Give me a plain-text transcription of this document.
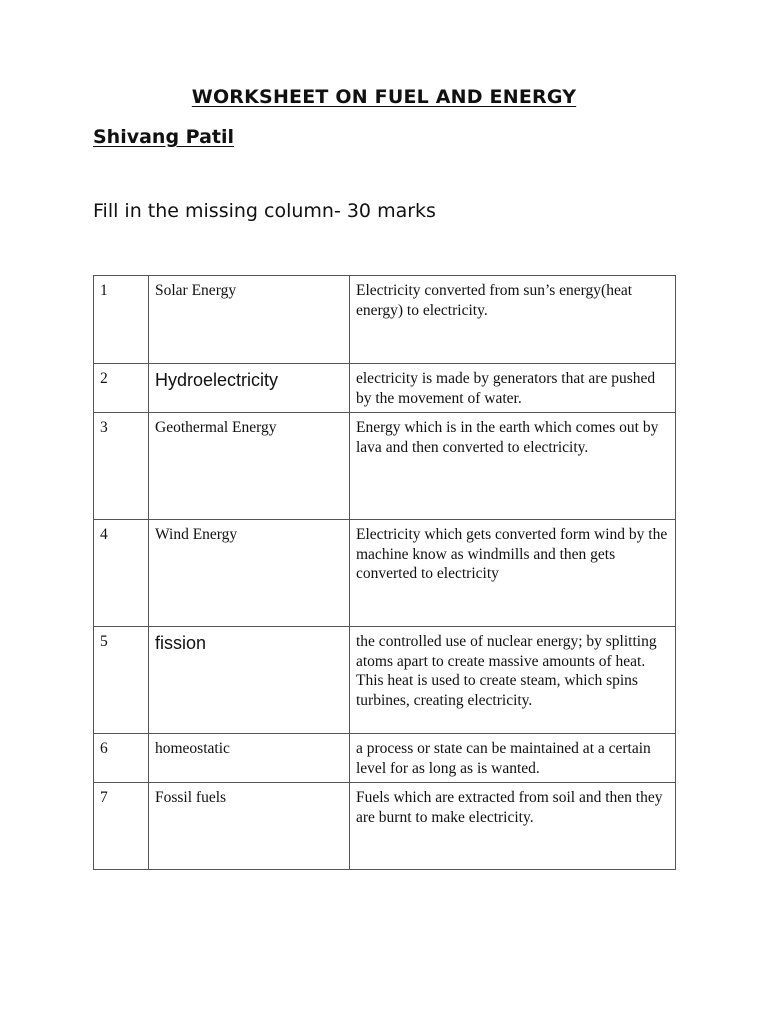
WORKSHEET ON FUEL AND ENERGY
Shivang Patil
Fill in the missing column- 30 marks
1	Solar Energy	Electricity converted from sun’s energy(heat energy) to electricity.
2	Hydroelectricity	electricity is made by generators that are pushed by the movement of water.
3	Geothermal Energy	Energy which is in the earth which comes out by lava and then converted to electricity.
4	Wind Energy	Electricity which gets converted form wind by the machine know as windmills and then gets converted to electricity
5	fission	the controlled use of nuclear energy; by splitting atoms apart to create massive amounts of heat. This heat is used to create steam, which spins turbines, creating electricity.
6	homeostatic	a process or state can be maintained at a certain level for as long as is wanted.
7	Fossil fuels	Fuels which are extracted from soil and then they are burnt to make electricity.
